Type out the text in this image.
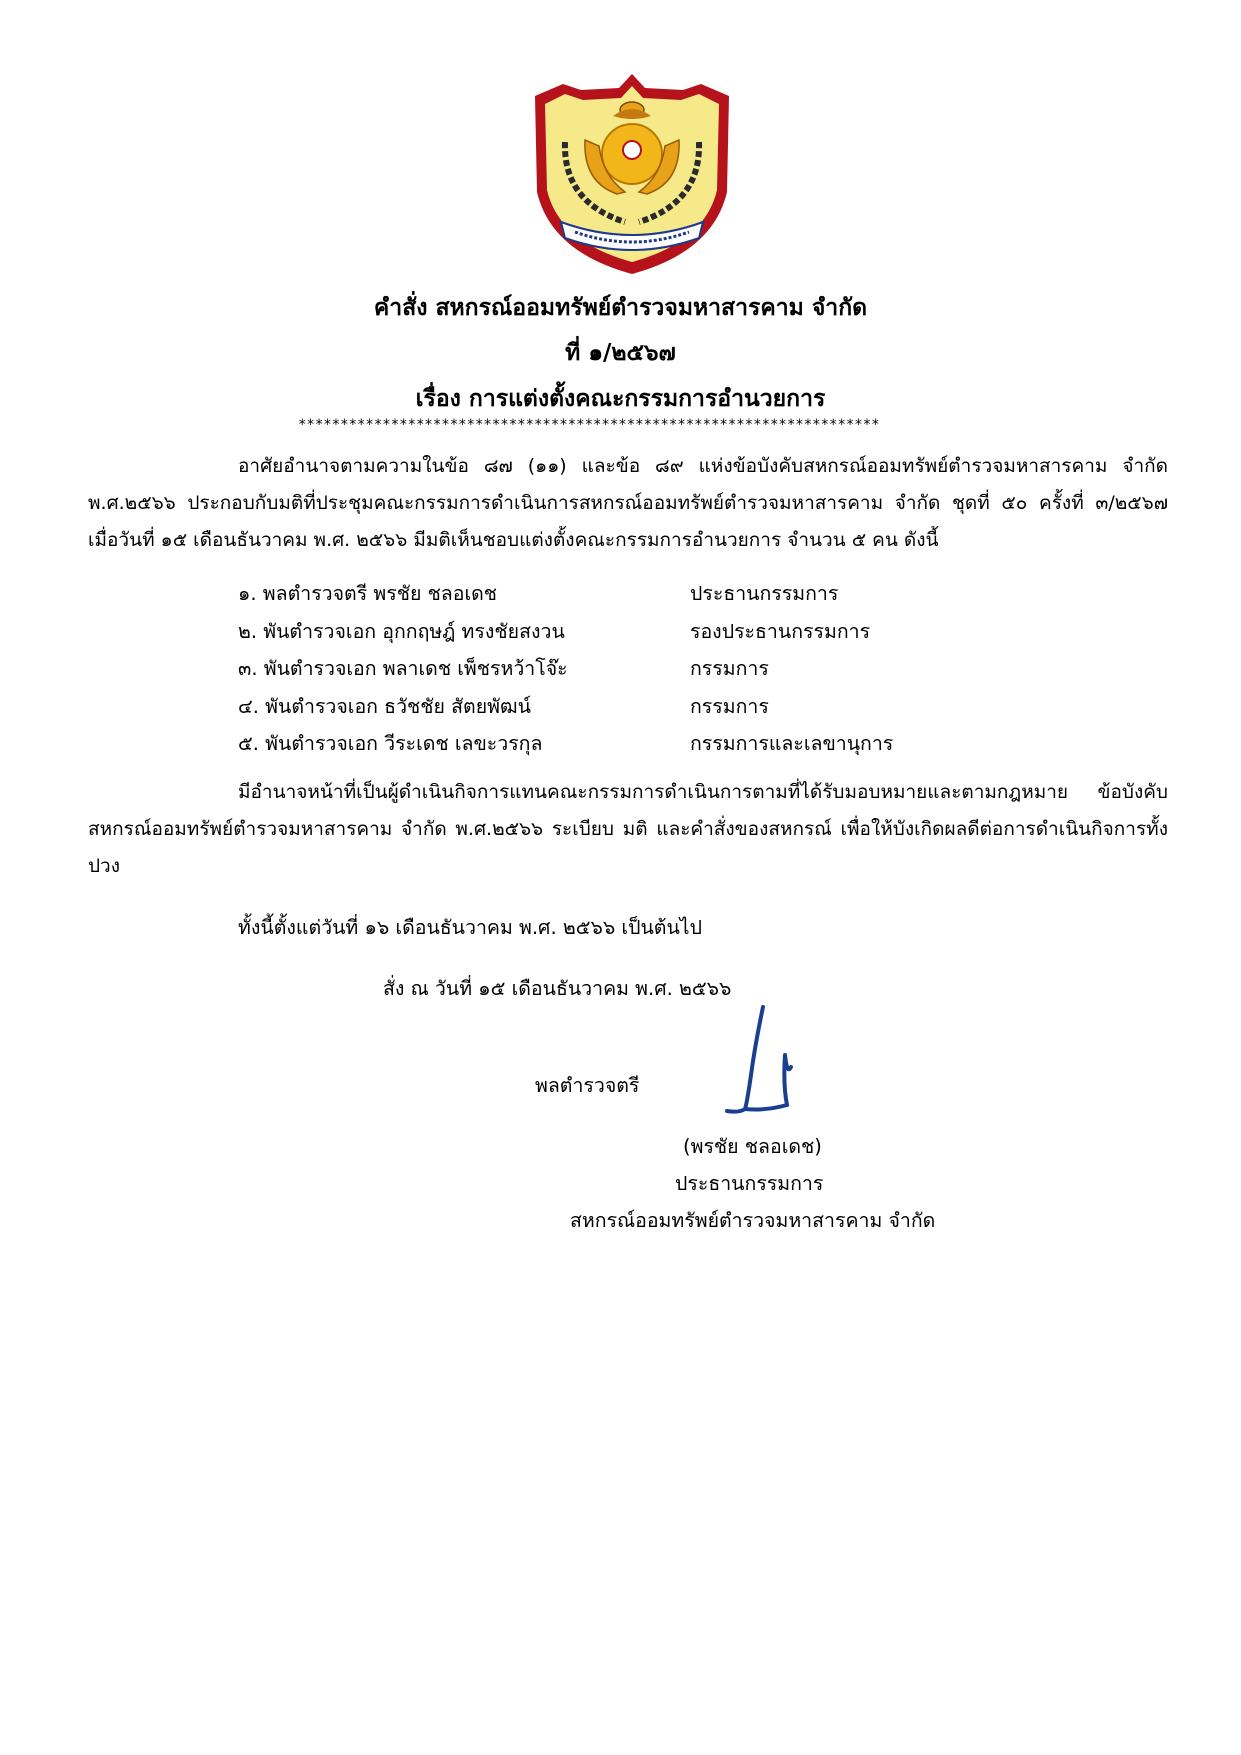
คำสั่ง สหกรณ์ออมทรัพย์ตำรวจมหาสารคาม จำกัด
ที่ ๑/๒๕๖๗
เรื่อง การแต่งตั้งคณะกรรมการอำนวยการ
*********************************************************************
อาศัยอำนาจตามความในข้อ ๘๗ (๑๑) และข้อ ๘๙ แห่งข้อบังคับสหกรณ์ออมทรัพย์ตำรวจมหาสารคาม จำกัด พ.ศ.๒๕๖๖ ประกอบกับมติที่ประชุมคณะกรรมการดำเนินการสหกรณ์ออมทรัพย์ตำรวจมหาสารคาม จำกัด ชุดที่ ๕๐ ครั้งที่ ๓/๒๕๖๗ เมื่อวันที่ ๑๕ เดือนธันวาคม พ.ศ. ๒๕๖๖ มีมติเห็นชอบแต่งตั้งคณะกรรมการอำนวยการ จำนวน ๕ คน ดังนี้
๑. พลตำรวจตรี พรชัย ชลอเดช	ประธานกรรมการ
๒. พันตำรวจเอก อุกกฤษฎ์ ทรงชัยสงวน	รองประธานกรรมการ
๓. พันตำรวจเอก พลาเดช เพ็ชรหว้าโจ๊ะ	กรรมการ
๔. พันตำรวจเอก ธวัชชัย สัตยพัฒน์	กรรมการ
๕. พันตำรวจเอก วีระเดช เลขะวรกุล	กรรมการและเลขานุการ
มีอำนาจหน้าที่เป็นผู้ดำเนินกิจการแทนคณะกรรมการดำเนินการตามที่ได้รับมอบหมายและตามกฎหมาย ข้อบังคับสหกรณ์ออมทรัพย์ตำรวจมหาสารคาม จำกัด พ.ศ.๒๕๖๖ ระเบียบ มติ และคำสั่งของสหกรณ์ เพื่อให้บังเกิดผลดีต่อการดำเนินกิจการทั้งปวง
ทั้งนี้ตั้งแต่วันที่ ๑๖ เดือนธันวาคม พ.ศ. ๒๕๖๖ เป็นต้นไป
สั่ง ณ วันที่ ๑๕ เดือนธันวาคม พ.ศ. ๒๕๖๖
พลตำรวจตรี
(พรชัย ชลอเดช)
ประธานกรรมการ
สหกรณ์ออมทรัพย์ตำรวจมหาสารคาม จำกัด
